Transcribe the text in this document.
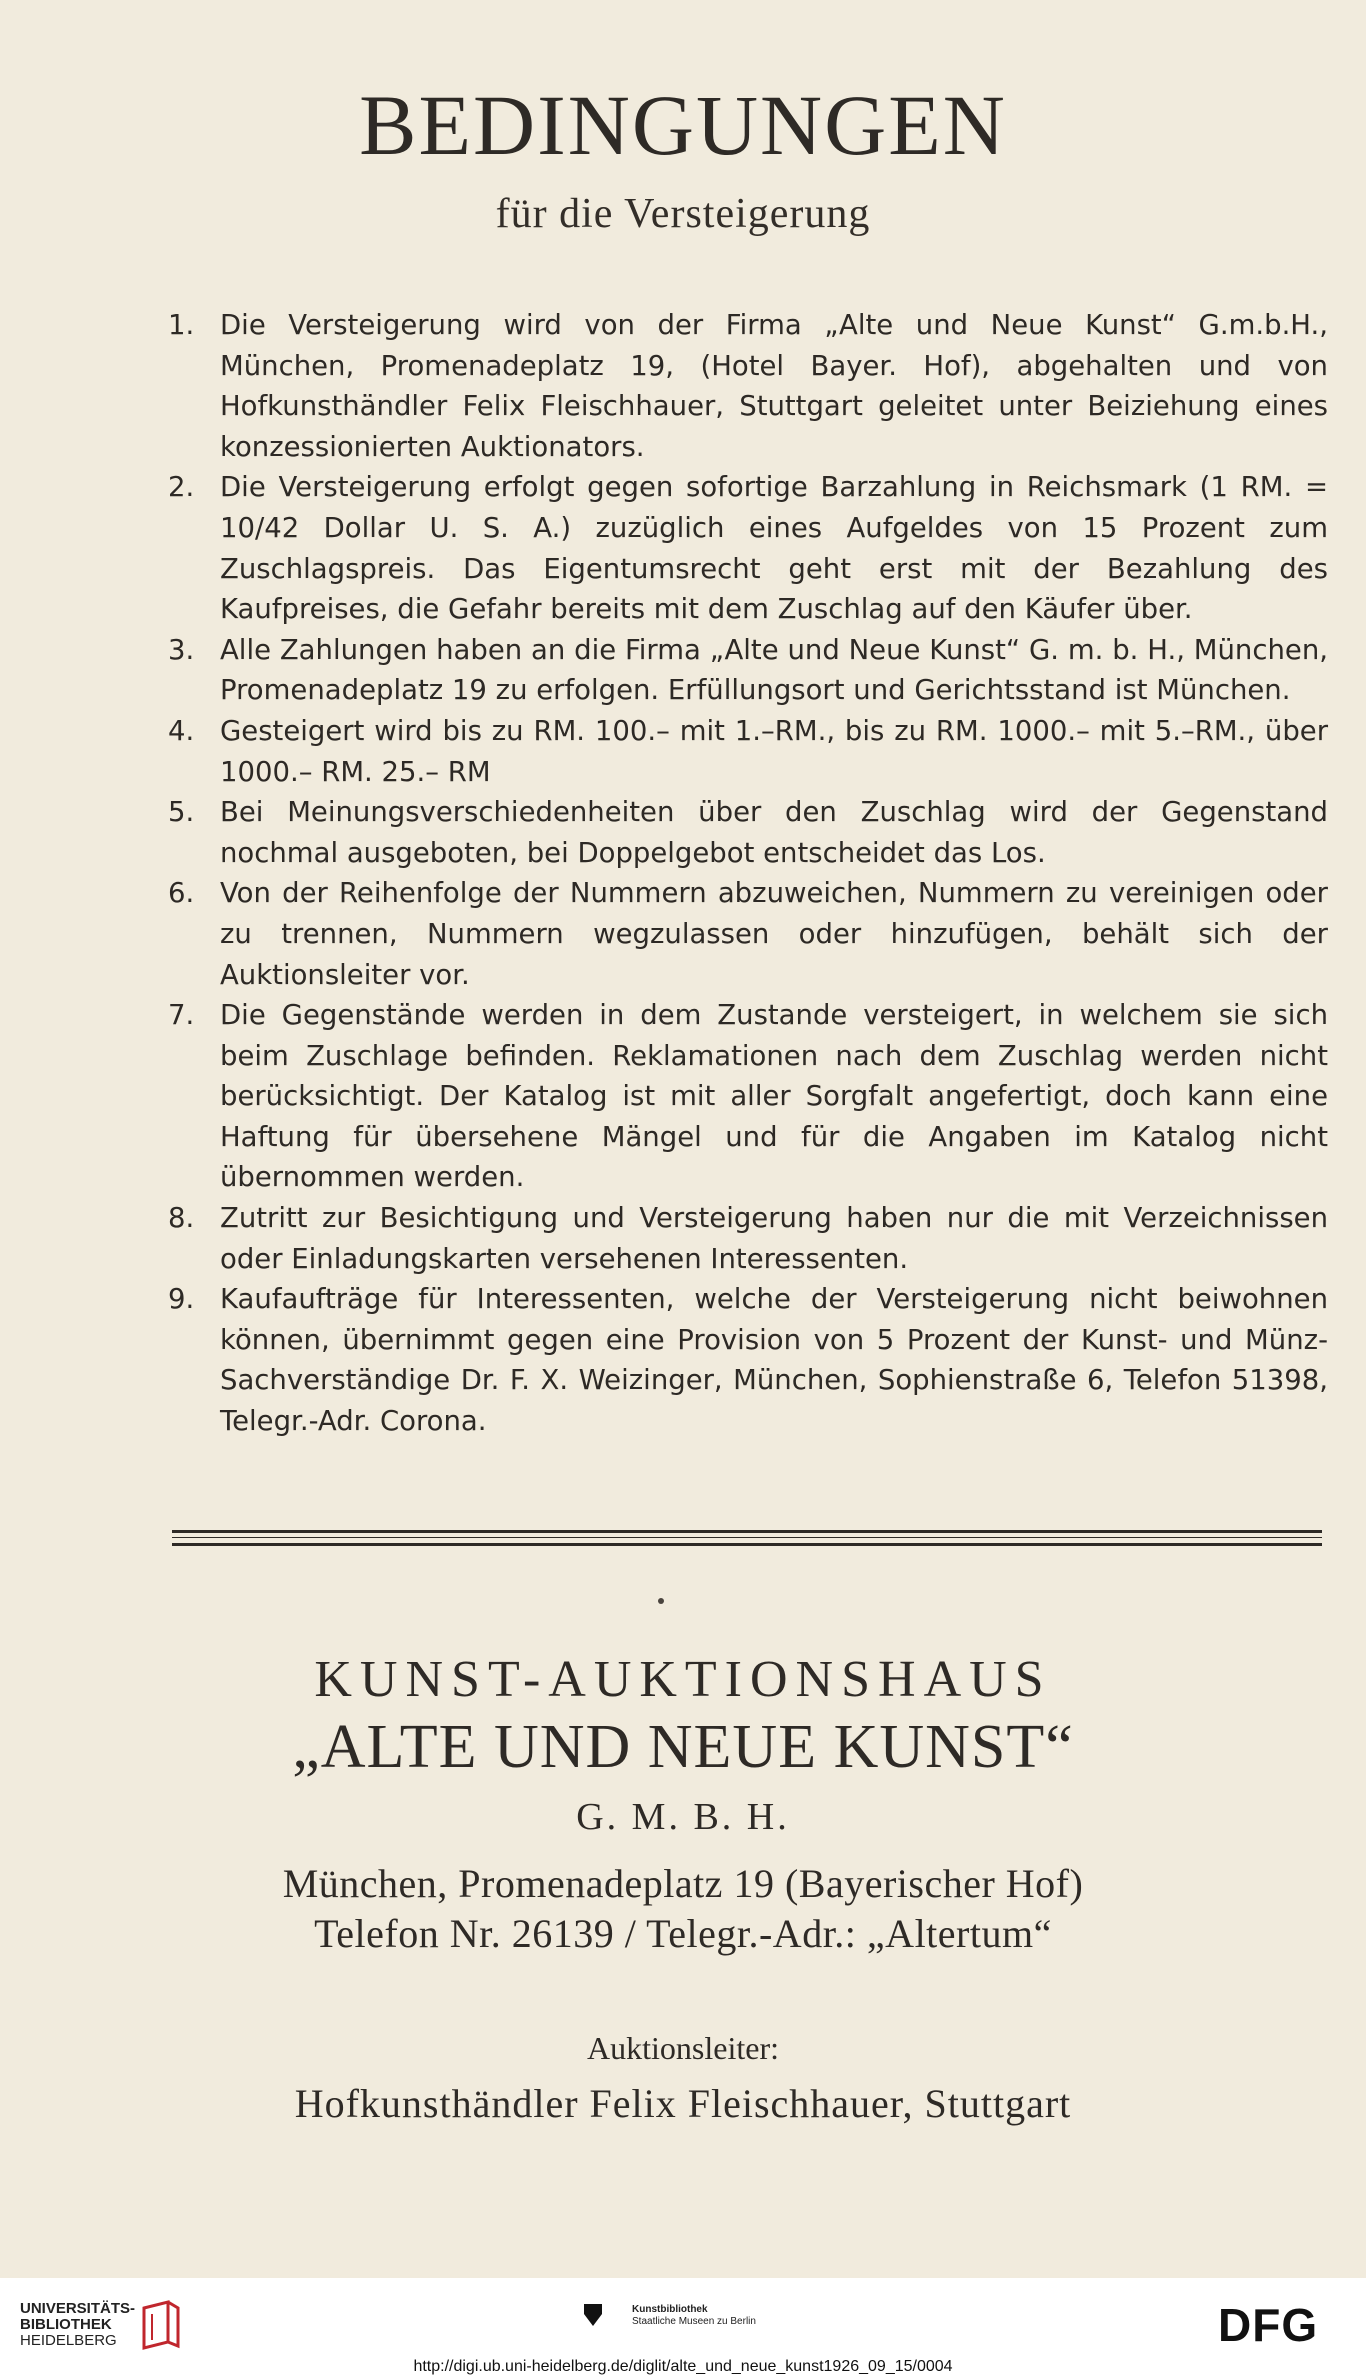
BEDINGUNGEN
für die Versteigerung
1. Die Versteigerung wird von der Firma „Alte und Neue Kunst“ G.m.b.H., München, Promenadeplatz 19, (Hotel Bayer. Hof), abgehalten und von Hofkunsthändler Felix Fleischhauer, Stuttgart geleitet unter Beiziehung eines konzessionierten Auktionators.
2. Die Versteigerung erfolgt gegen sofortige Barzahlung in Reichsmark (1 RM. = 10/42 Dollar U. S. A.) zuzüglich eines Aufgeldes von 15 Prozent zum Zuschlagspreis. Das Eigentumsrecht geht erst mit der Bezahlung des Kaufpreises, die Gefahr bereits mit dem Zuschlag auf den Käufer über.
3. Alle Zahlungen haben an die Firma „Alte und Neue Kunst“ G. m. b. H., München, Promenadeplatz 19 zu erfolgen. Erfüllungsort und Gerichtsstand ist München.
4. Gesteigert wird bis zu RM. 100.– mit 1.–RM., bis zu RM. 1000.– mit 5.–RM., über 1000.– RM. 25.– RM
5. Bei Meinungsverschiedenheiten über den Zuschlag wird der Gegenstand nochmal ausgeboten, bei Doppelgebot entscheidet das Los.
6. Von der Reihenfolge der Nummern abzuweichen, Nummern zu vereinigen oder zu trennen, Nummern wegzulassen oder hinzufügen, behält sich der Auktionsleiter vor.
7. Die Gegenstände werden in dem Zustande versteigert, in welchem sie sich beim Zuschlage befinden. Reklamationen nach dem Zuschlag werden nicht berücksichtigt. Der Katalog ist mit aller Sorgfalt angefertigt, doch kann eine Haftung für übersehene Mängel und für die Angaben im Katalog nicht übernommen werden.
8. Zutritt zur Besichtigung und Versteigerung haben nur die mit Verzeichnissen oder Einladungskarten versehenen Interessenten.
9. Kaufaufträge für Interessenten, welche der Versteigerung nicht beiwohnen können, übernimmt gegen eine Provision von 5 Prozent der Kunst- und Münz-Sachverständige Dr. F. X. Weizinger, München, Sophienstraße 6, Telefon 51398, Telegr.-Adr. Corona.
KUNST-AUKTIONSHAUS
„ALTE UND NEUE KUNST“
G. M. B. H.
München, Promenadeplatz 19 (Bayerischer Hof)
Telefon Nr. 26139 / Telegr.-Adr.: „Altertum“
Auktionsleiter:
Hofkunsthändler Felix Fleischhauer, Stuttgart
UNIVERSITÄTS-
BIBLIOTHEK
HEIDELBERG
Kunstbibliothek
Staatliche Museen zu Berlin	DFG
http://digi.ub.uni-heidelberg.de/diglit/alte_und_neue_kunst1926_09_15/0004
